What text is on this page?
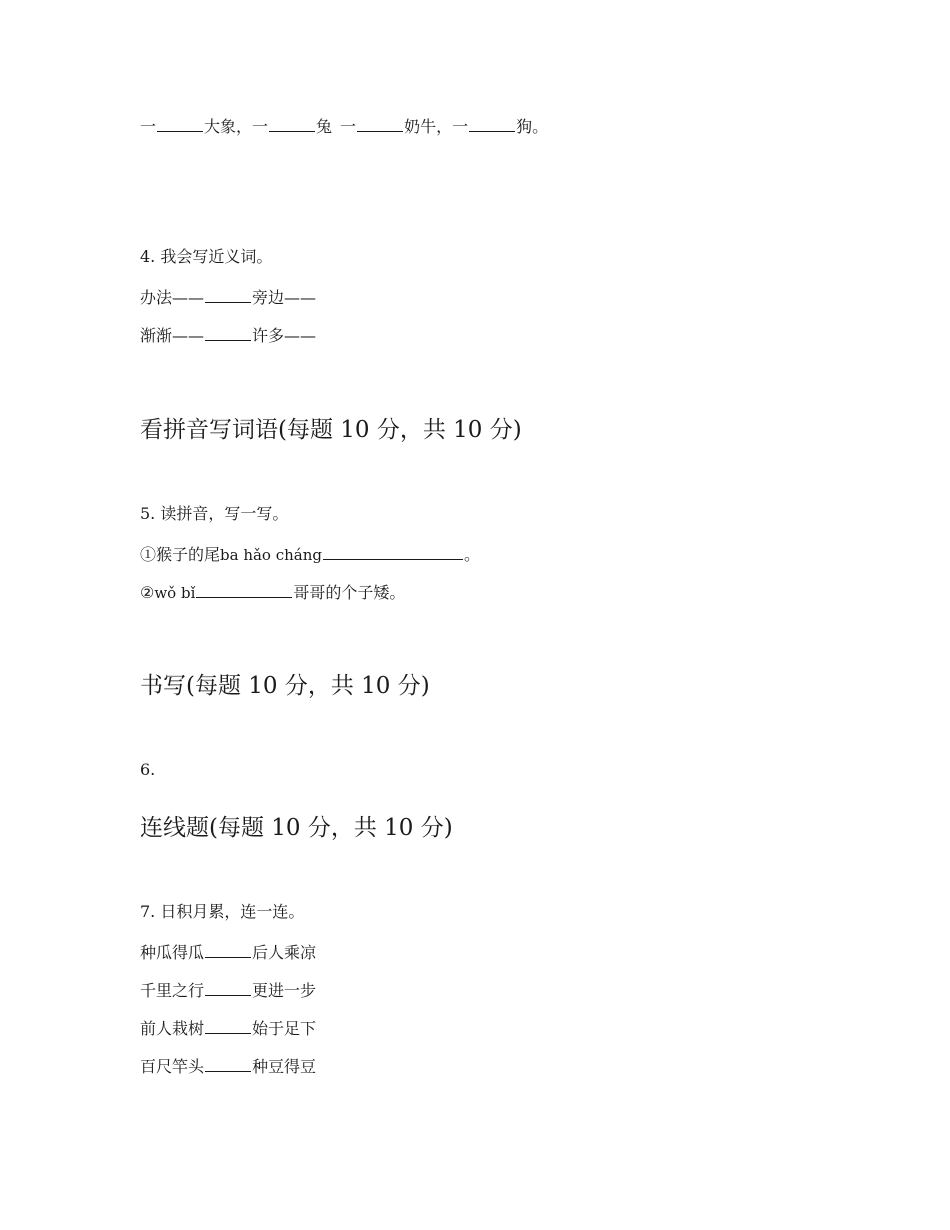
一	大象，一	兔 一	奶牛，一	狗。
4. 我会写近义词。
办法——	旁边——
渐渐——	许多——
看拼音写词语(每题 10 分，共 10 分)
5. 读拼音，写一写。
①猴子的尾ba hǎo cháng	。
②wǒ bǐ	哥哥的个子矮。
书写(每题 10 分，共 10 分)
6.
连线题(每题 10 分，共 10 分)
7. 日积月累，连一连。
种瓜得瓜	后人乘凉
千里之行	更进一步
前人栽树	始于足下
百尺竿头	种豆得豆
